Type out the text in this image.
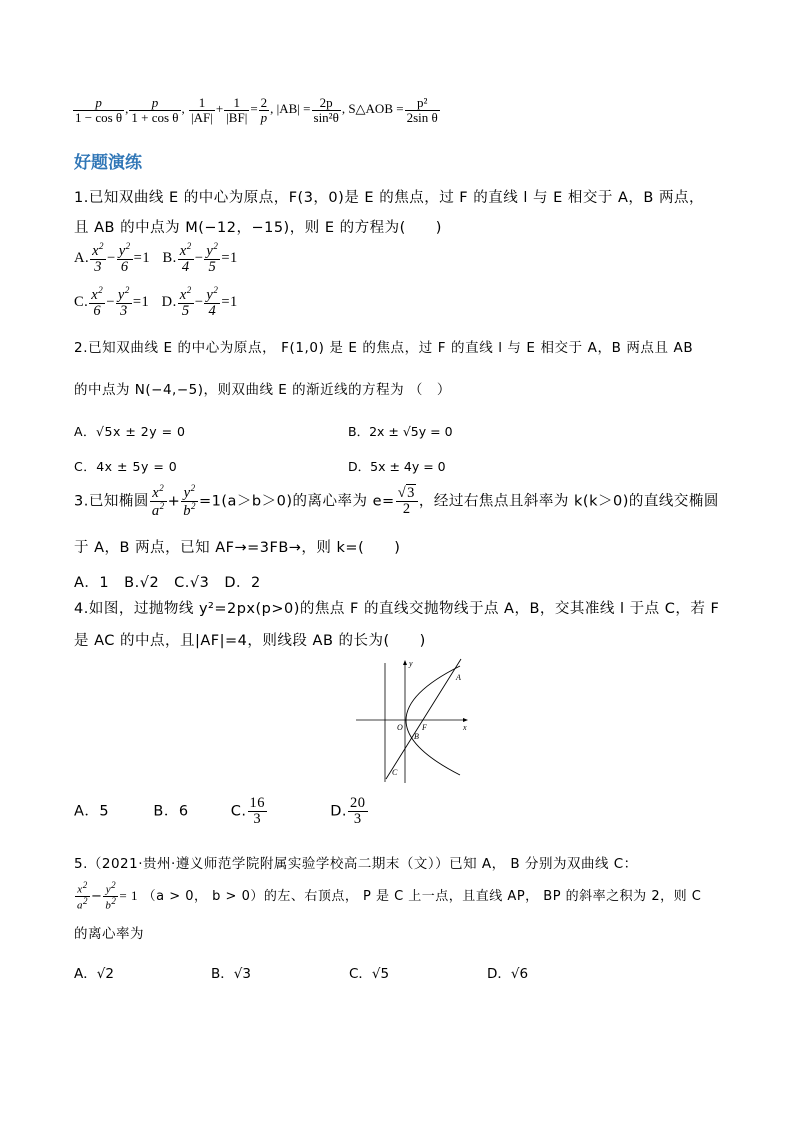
$\frac{p}{\text{1 − cos θ}}$ , $\frac{p}{\text{1 + cos θ}}$ , $\frac{1}{|AF|} + \frac{1}{|BF|} = \frac{2}{p}$ , $|AB| = \frac{2p}{\text{sin²θ}}$ , S△AOB = $\frac{\text{p²}}{\text{2sin θ}}$
好题演练
1.已知双曲线 E 的中心为原点，F(3，0)是 E 的焦点，过 F 的直线 l 与 E 相交于 A，B 两点，
且 AB 的中点为 M(−12，−15)，则 E 的方程为(　　)
A. $\frac{x^2}{3} - \frac{y^2}{6} =1$   B. $\frac{x^2}{4} - \frac{y^2}{5} =1$
C. $\frac{x^2}{6} - \frac{y^2}{3} =1$   D. $\frac{x^2}{5} - \frac{y^2}{4} =1$
2.已知双曲线 E 的中心为原点， F(1,0) 是 E 的焦点，过 F 的直线 l 与 E 相交于 A，B 两点且 AB
的中点为 N(−4,−5)，则双曲线 E 的渐近线的方程为 （　）
A．√5x ± 2y = 0	B．2x ± √5y = 0
C．4x ± 5y = 0	D．5x ± 4y = 0
3.已知椭圆 $\frac{x^2}{a^2} + \frac{y^2}{b^2} =1(a>b>0)$的离心率为 $e= \frac{√3}{2}$ ，经过右焦点且斜率为 k(k＞0)的直线交椭圆
于 A，B 两点，已知 AF→=3FB→，则 k=(　　)
A．1　B.√2　C.√3　D．2
4.如图，过抛物线 y²=2px(p>0)的焦点 F 的直线交抛物线于点 A，B，交其准线 l 于点 C，若 F
是 AC 的中点，且|AF|=4，则线段 AB 的长为(　　)
y
x
O F
A
B
C
A．5	B．6	C. $\frac{16}{3}$	D. $\frac{20}{3}$
5.（2021·贵州·遵义师范学院附属实验学校高二期末（文））已知 A， B 分别为双曲线 C：
$\frac{x^2}{a^2} - \frac{y^2}{b^2} = 1$ （a > 0， b > 0）的左、右顶点， P 是 C 上一点，且直线 AP， BP 的斜率之积为 2，则 C
的离心率为
A．√2	B．√3	C．√5	D．√6
